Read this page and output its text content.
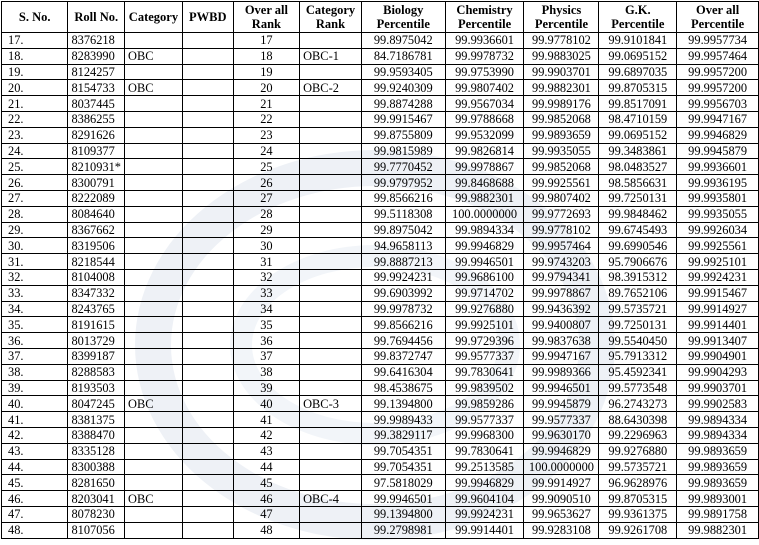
S. No.	Roll No.	Category	PWBD	Over all Rank	Category Rank	Biology Percentile	Chemistry Percentile	Physics Percentile	G.K. Percentile	Over all Percentile
17.	8376218			17		99.8975042	99.9936601	99.9778102	99.9101841	99.9957734
18.	8283990	OBC		18	OBC-1	84.7186781	99.9978732	99.9883025	99.0695152	99.9957464
19.	8124257			19		99.9593405	99.9753990	99.9903701	99.6897035	99.9957200
20.	8154733	OBC		20	OBC-2	99.9240309	99.9807402	99.9882301	99.8705315	99.9957200
21.	8037445			21		99.8874288	99.9567034	99.9989176	99.8517091	99.9956703
22.	8386255			22		99.9915467	99.9788668	99.9852068	98.4710159	99.9947167
23.	8291626			23		99.8755809	99.9532099	99.9893659	99.0695152	99.9946829
24.	8109377			24		99.9815989	99.9826814	99.9935055	99.3483861	99.9945879
25.	8210931*			25		99.7770452	99.9978867	99.9852068	98.0483527	99.9936601
26.	8300791			26		99.9797952	99.8468688	99.9925561	98.5856631	99.9936195
27.	8222089			27		99.8566216	99.9882301	99.9807402	99.7250131	99.9935801
28.	8084640			28		99.5118308	100.0000000	99.9772693	99.9848462	99.9935055
29.	8367662			29		99.8975042	99.9894334	99.9778102	99.6745493	99.9926034
30.	8319506			30		94.9658113	99.9946829	99.9957464	99.6990546	99.9925561
31.	8218544			31		99.8887213	99.9946501	99.9743203	95.7906676	99.9925101
32.	8104008			32		99.9924231	99.9686100	99.9794341	98.3915312	99.9924231
33.	8347332			33		99.6903992	99.9714702	99.9978867	89.7652106	99.9915467
34.	8243765			34		99.9978732	99.9276880	99.9436392	99.5735721	99.9914927
35.	8191615			35		99.8566216	99.9925101	99.9400807	99.7250131	99.9914401
36.	8013729			36		99.7694456	99.9729396	99.9837638	99.5540450	99.9913407
37.	8399187			37		99.8372747	99.9577337	99.9947167	95.7913312	99.9904901
38.	8288583			38		99.6416304	99.7830641	99.9989366	95.4592341	99.9904293
39.	8193503			39		98.4538675	99.9839502	99.9946501	99.5773548	99.9903701
40.	8047245	OBC		40	OBC-3	99.1394800	99.9859286	99.9945879	96.2743273	99.9902583
41.	8381375			41		99.9989433	99.9577337	99.9577337	88.6430398	99.9894334
42.	8388470			42		99.3829117	99.9968300	99.9630170	99.2296963	99.9894334
43.	8335128			43		99.7054351	99.7830641	99.9946829	99.9276880	99.9893659
44.	8300388			44		99.7054351	99.2513585	100.0000000	99.5735721	99.9893659
45.	8281650			45		97.5818029	99.9946829	99.9914927	96.9628976	99.9893659
46.	8203041	OBC		46	OBC-4	99.9946501	99.9604104	99.9090510	99.8705315	99.9893001
47.	8078230			47		99.1394800	99.9924231	99.9653627	99.9361375	99.9891758
48.	8107056			48		99.2798981	99.9914401	99.9283108	99.9261708	99.9882301
